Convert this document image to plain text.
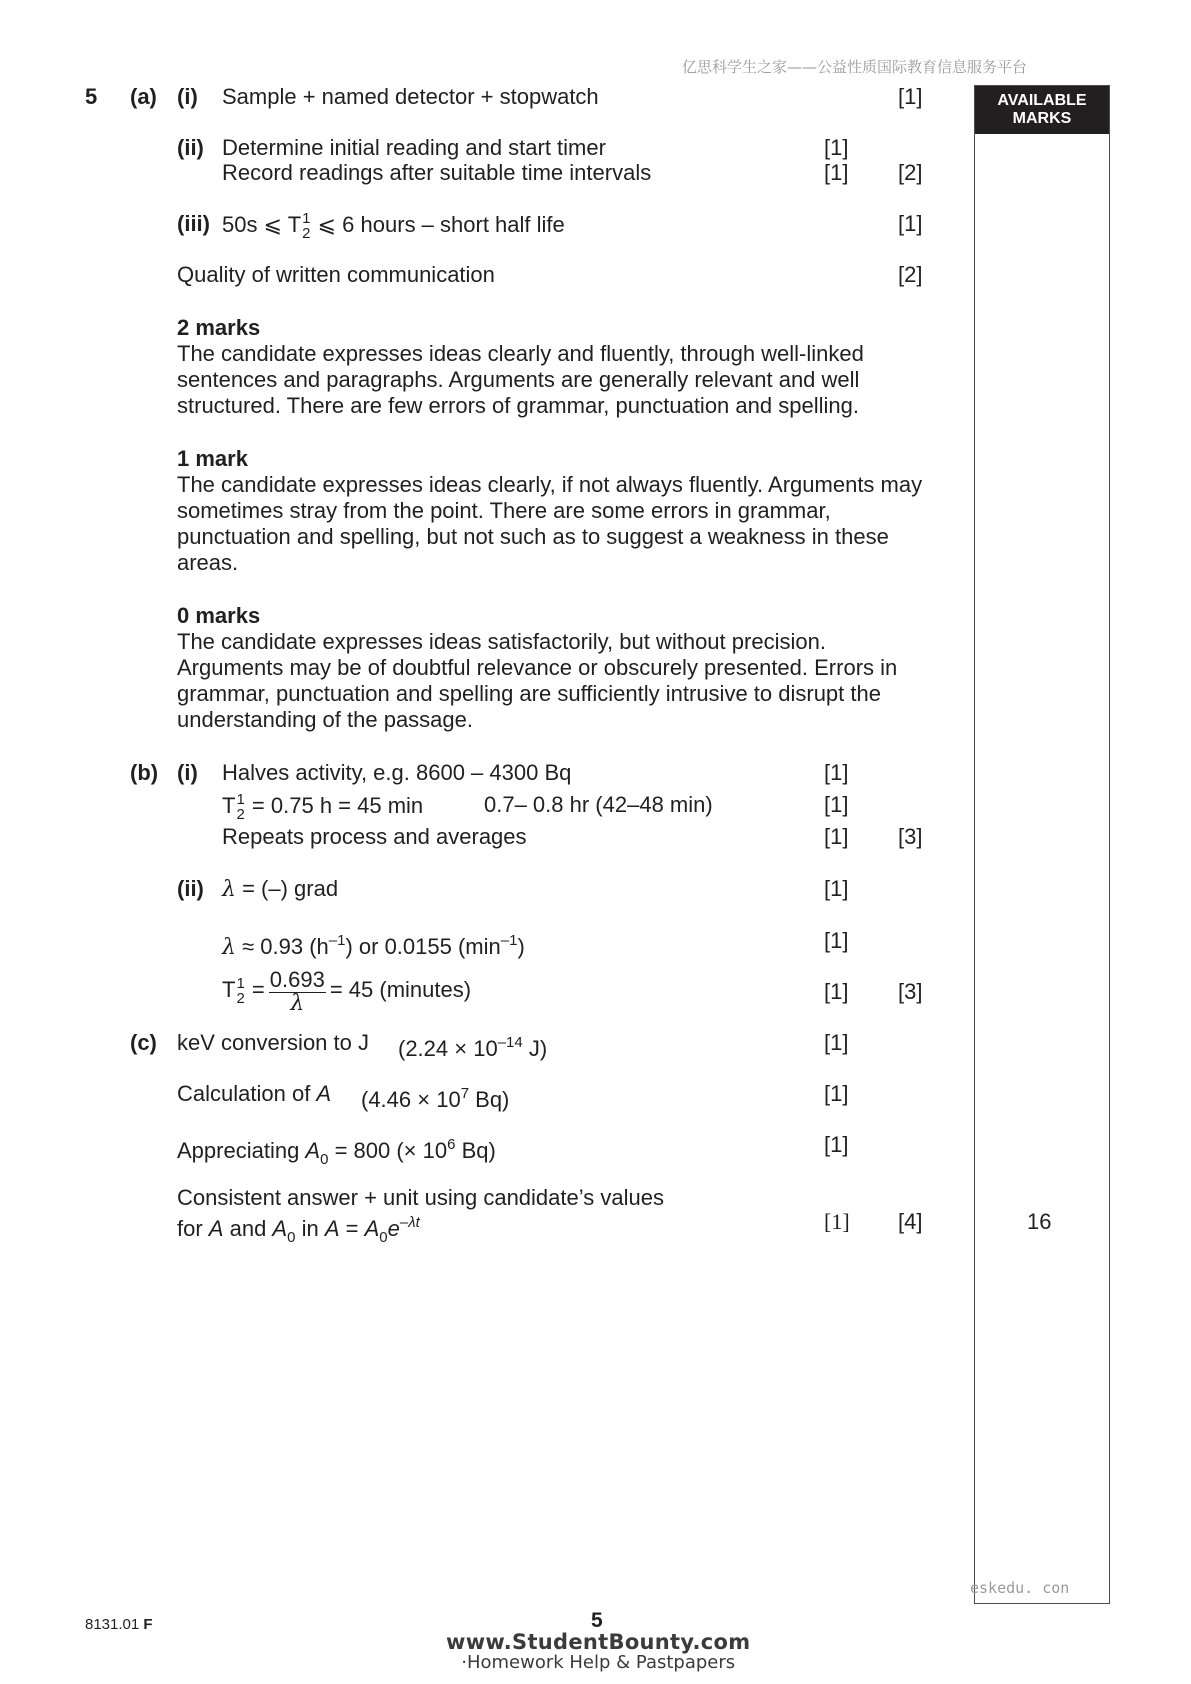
亿思科学生之家——公益性质国际教育信息服务平台
AVAILABLE
MARKS
16
5 (a) (i) Sample + named detector + stopwatch	[1]
(ii) Determine initial reading and start timer	[1]
Record readings after suitable time intervals	[1] [2]
(iii) 50s ⩽ T 1
2 ⩽ 6 hours – short half life	[1]
Quality of written communication	[2]
2 marks
The candidate expresses ideas clearly and fluently, through well-linked sentences and paragraphs. Arguments are generally relevant and well structured. There are few errors of grammar, punctuation and spelling.
1 mark
The candidate expresses ideas clearly, if not always fluently. Arguments may sometimes stray from the point. There are some errors in grammar, punctuation and spelling, but not such as to suggest a weakness in these areas.
0 marks
The candidate expresses ideas satisfactorily, but without precision. Arguments may be of doubtful relevance or obscurely presented. Errors in grammar, punctuation and spelling are sufficiently intrusive to disrupt the understanding of the passage.
(b) (i) Halves activity, e.g. 8600 – 4300 Bq	[1]
T 1
2 = 0.75 h = 45 min	0.7– 0.8 hr (42–48 min)	[1]
Repeats process and averages	[1] [3]
(ii) λ = (–) grad	[1]
λ ≈ 0.93 $(h^{-1})$ or 0.0155 $(\min^{-1})$	[1]
T 1
$2 = \frac{0.693}{\lambda} = 45$ (minutes)	[1] [3]
(c) keV conversion to J ($2.24 \times 10^{-14}$ J)	[1]
Calculation of A ($4.46 \times 10^7$ Bq)	[1]
Appreciating $A_0 = 800$ (× $10^6$ Bq)	[1]
Consistent answer + unit using candidate’s values
for A and $A_0$ in $A = A_0e^{-\lambda t}$	[1] [4]
eskedu. con
8131.01 F	5
www.StudentBounty.com
·Homework Help & Pastpapers
